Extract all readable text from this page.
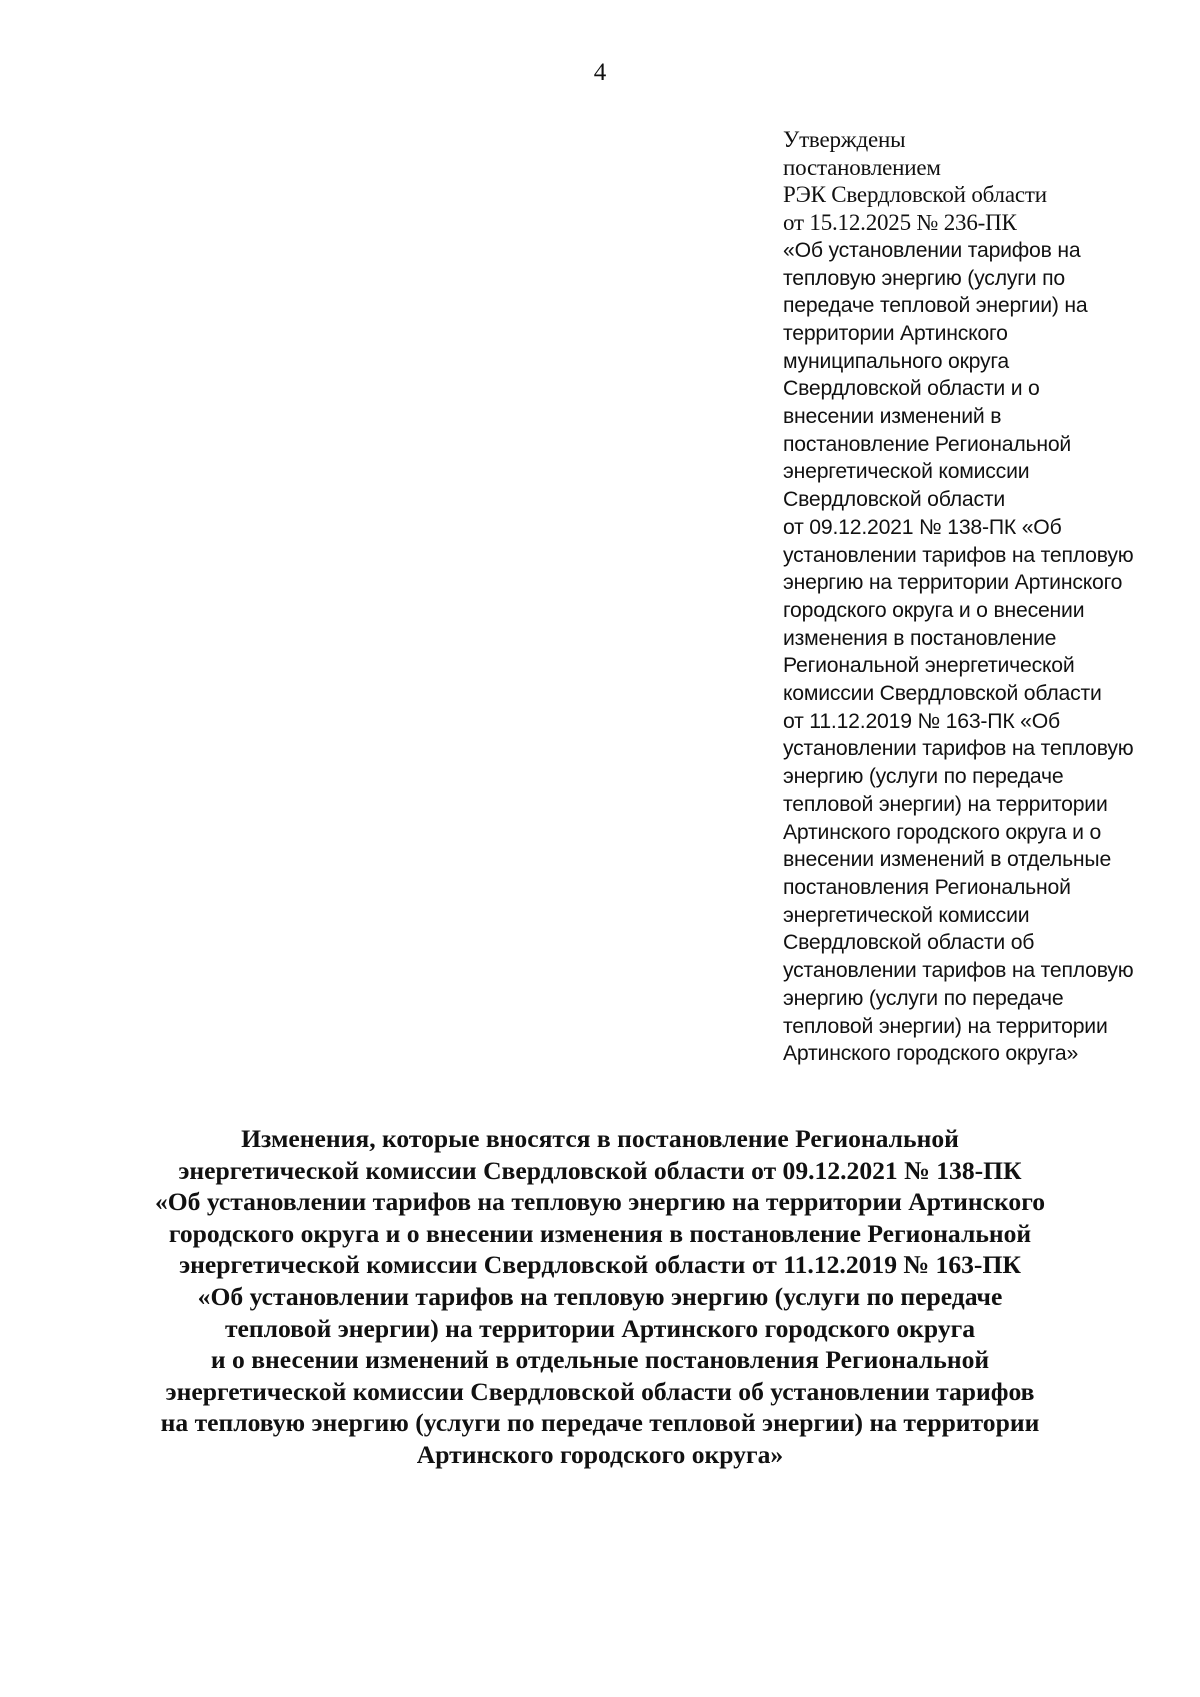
4
Утверждены
постановлением
РЭК Свердловской области
от 15.12.2025 № 236-ПК
«Об установлении тарифов на
тепловую энергию (услуги по
передаче тепловой энергии) на
территории Артинского
муниципального округа
Свердловской области и о
внесении изменений в
постановление Региональной
энергетической комиссии
Свердловской области
от 09.12.2021 № 138-ПК «Об
установлении тарифов на тепловую
энергию на территории Артинского
городского округа и о внесении
изменения в постановление
Региональной энергетической
комиссии Свердловской области
от 11.12.2019 № 163-ПК «Об
установлении тарифов на тепловую
энергию (услуги по передаче
тепловой энергии) на территории
Артинского городского округа и о
внесении изменений в отдельные
постановления Региональной
энергетической комиссии
Свердловской области об
установлении тарифов на тепловую
энергию (услуги по передаче
тепловой энергии) на территории
Артинского городского округа»
Изменения, которые вносятся в постановление Региональной
энергетической комиссии Свердловской области от 09.12.2021 № 138-ПК
«Об установлении тарифов на тепловую энергию на территории Артинского
городского округа и о внесении изменения в постановление Региональной
энергетической комиссии Свердловской области от 11.12.2019 № 163-ПК
«Об установлении тарифов на тепловую энергию (услуги по передаче
тепловой энергии) на территории Артинского городского округа
и о внесении изменений в отдельные постановления Региональной
энергетической комиссии Свердловской области об установлении тарифов
на тепловую энергию (услуги по передаче тепловой энергии) на территории
Артинского городского округа»
